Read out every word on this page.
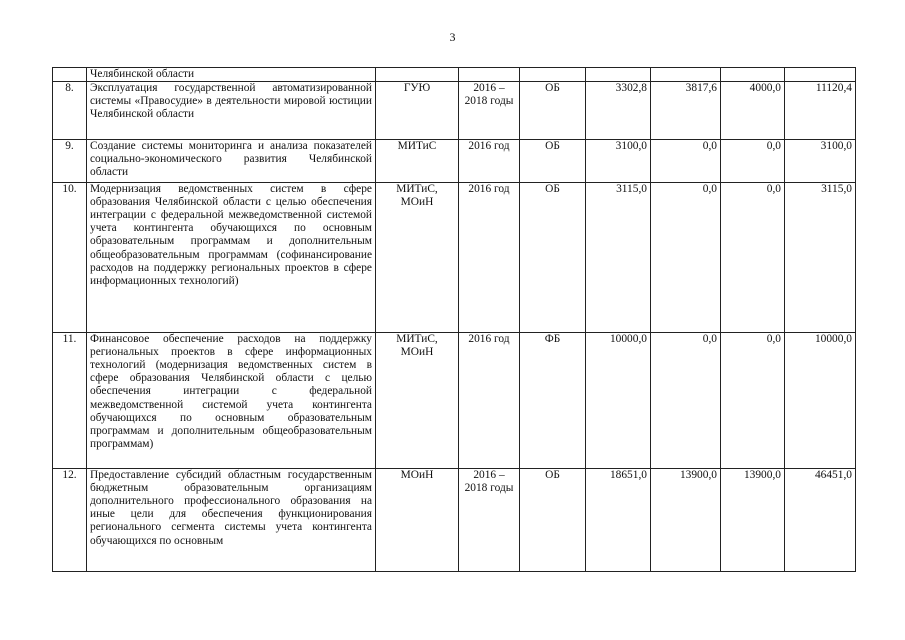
3
	Челябинской области							
8.	Эксплуатация государственной автоматизированной системы «Правосудие» в деятельности мировой юстиции Челябинской области	ГУЮ	2016 – 2018 годы	ОБ	3302,8	3817,6	4000,0	11120,4
9.	Создание системы мониторинга и анализа показателей социально-экономического развития Челябинской области	МИТиС	2016 год	ОБ	3100,0	0,0	0,0	3100,0
10.	Модернизация ведомственных систем в сфере образования Челябинской области с целью обеспечения интеграции с федеральной межведомственной системой учета контингента обучающихся по основным образовательным программам и дополнительным общеобразовательным программам (софинансирование расходов на поддержку региональных проектов в сфере информационных технологий)	МИТиС, МОиН	2016 год	ОБ	3115,0	0,0	0,0	3115,0
11.	Финансовое обеспечение расходов на поддержку региональных проектов в сфере информационных технологий (модернизация ведомственных систем в сфере образования Челябинской области с целью обеспечения интеграции с федеральной межведомственной системой учета контингента обучающихся по основным образовательным программам и дополнительным общеобразовательным программам)	МИТиС, МОиН	2016 год	ФБ	10000,0	0,0	0,0	10000,0
12.	Предоставление субсидий областным государственным бюджетным образовательным организациям дополнительного профессионального образования на иные цели для обеспечения функционирования регионального сегмента системы учета контингента обучающихся по основным	МОиН	2016 – 2018 годы	ОБ	18651,0	13900,0	13900,0	46451,0
